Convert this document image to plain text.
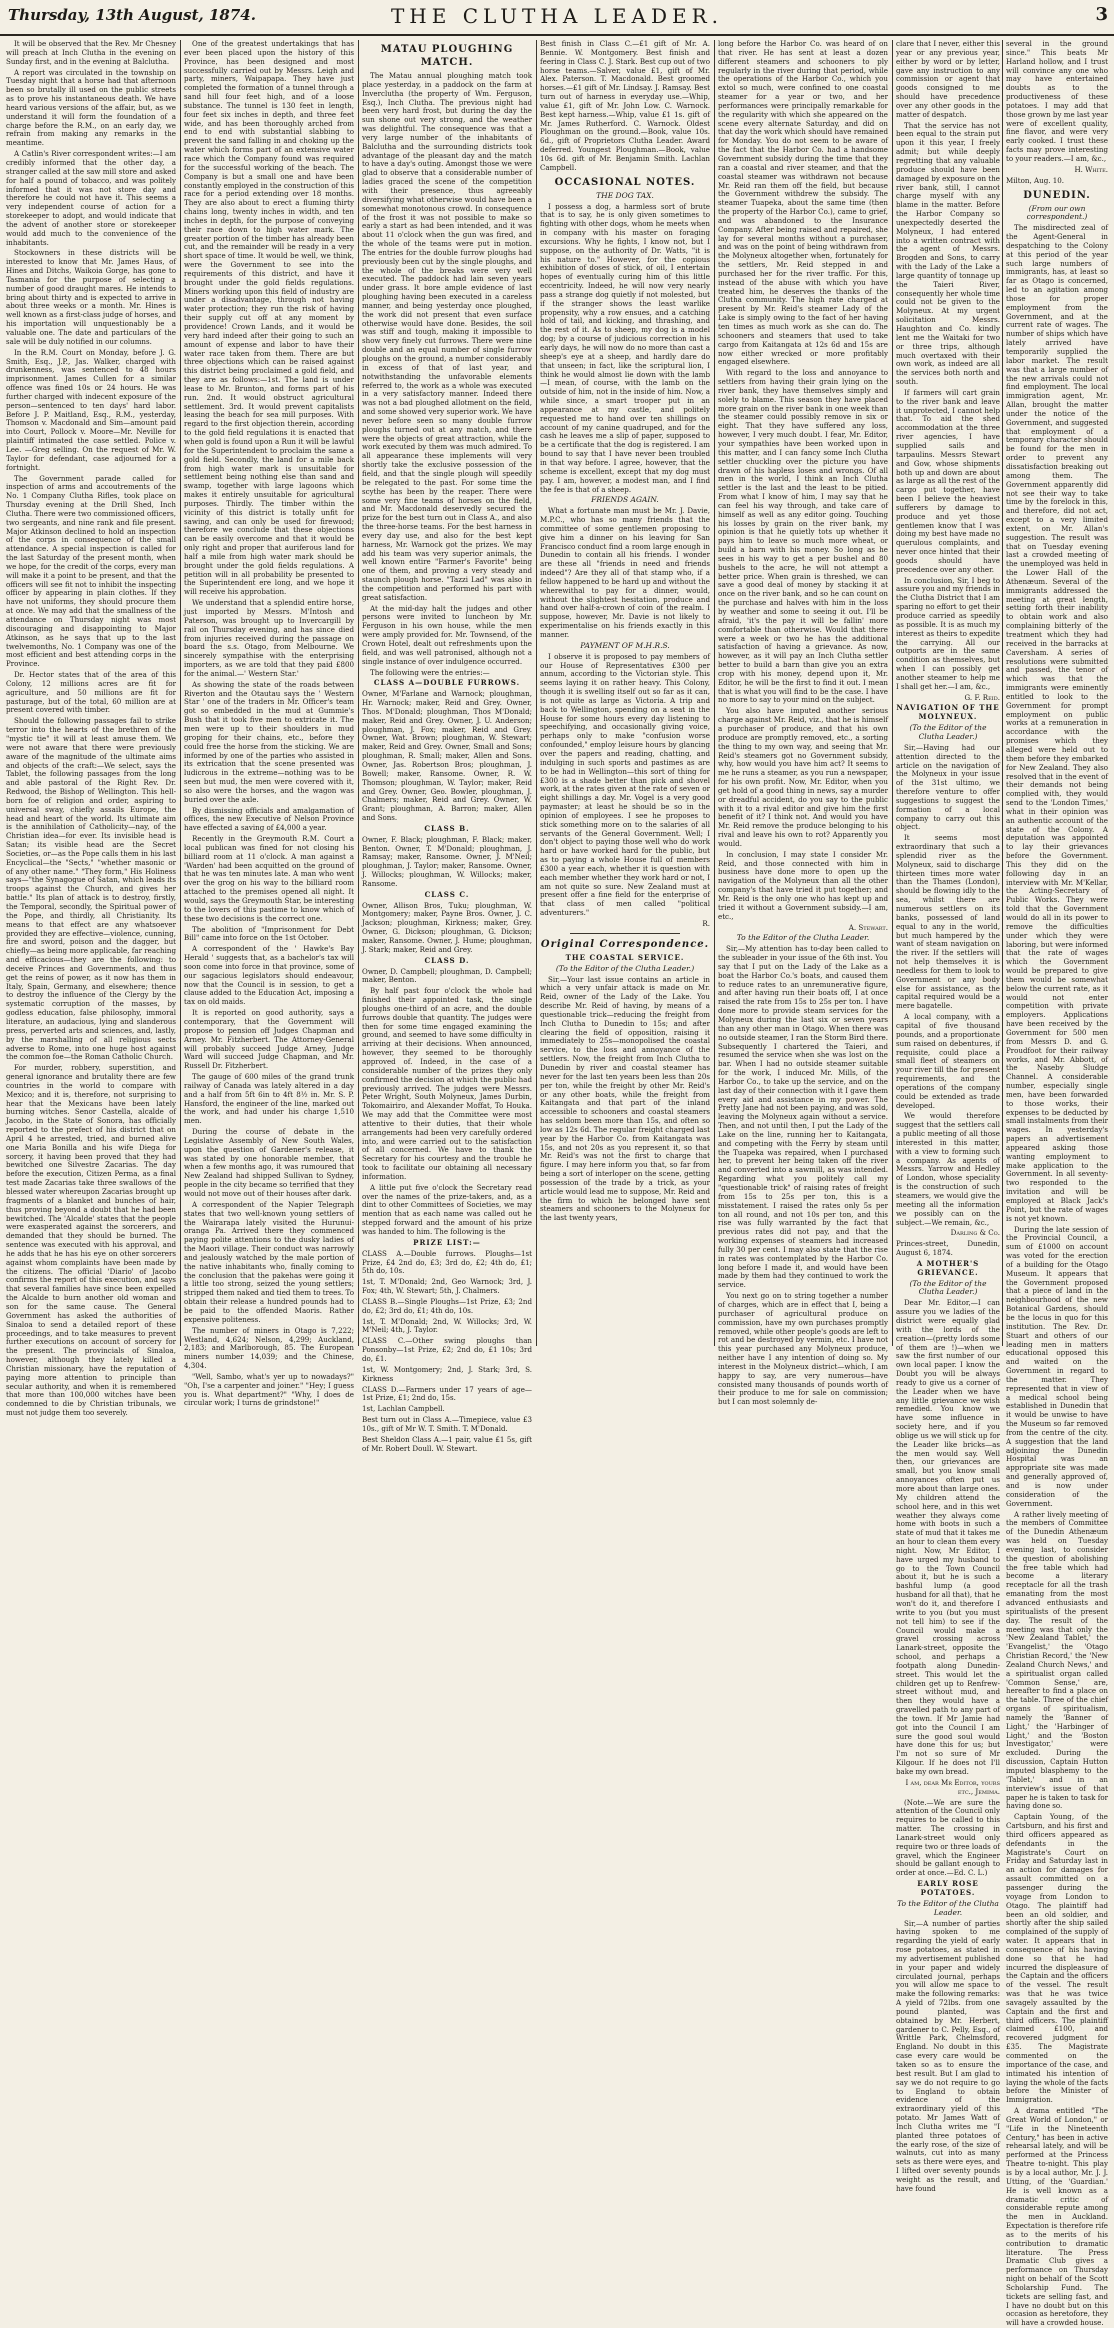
Thursday, 13th August, 1874.	THE CLUTHA LEADER.	3

It will be observed that the Rev. Mr Chesney will preach at Inch Clutha in the evening on Sunday first, and in the evening at Balclutha.

A report was circulated in the township on Tuesday night that a horse had that afternoon been so brutally ill used on the public streets as to prove his instantaneous death. We have heard various versions of the affair, but, as we understand it will form the foundation of a charge before the R.M., on an early day, we refrain from making any remarks in the meantime.

A Catlin's River correspondent writes:—I am credibly informed that the other day, a stranger called at the saw mill store and asked for half a pound of tobacco, and was politely informed that it was not store day and therefore he could not have it. This seems a very independent course of action for a storekeeper to adopt, and would indicate that the advent of another store or storekeeper would add much to the convenience of the inhabitants.

Stockowners in these districts will be interested to know that Mr. James Haus, of Hines and Ditchs, Waikoia Gorge, has gone to Tasmania for the purpose of selecting a number of good draught mares. He intends to bring about thirty and is expected to arrive in about three weeks or a month. Mr. Hines is well known as a first-class judge of horses, and his importation will unquestionably be a valuable one. The date and particulars of the sale will be duly notified in our columns.

In the R.M. Court on Monday, before J. G. Smith, Esq., J.P., Jas. Walker, charged with drunkenness, was sentenced to 48 hours imprisonment. James Cullen for a similar offence was fined 10s or 24 hours. He was further charged with indecent exposure of the person—sentenced to ten days' hard labor. Before J. P. Maitland, Esq., R.M., yesterday, Thomson v. Macdonald and Sim—amount paid into Court, Pollock v. Moore—Mr. Neville for plaintiff intimated the case settled. Police v. Lee. —Greg selling. On the request of Mr. W. Taylor for defendant, case adjourned for a fortnight.

The Government parade called for inspection of arms and accoutrements of the No. 1 Company Clutha Rifles, took place on Thursday evening at the Drill Shed, Inch Clutha. There were two commissioned officers, two sergeants, and nine rank and file present. Major Atkinson declined to hold an inspection of the corps in consequence of the small attendance. A special inspection is called for the last Saturday of the present month, when we hope, for the credit of the corps, every man will make it a point to be present, and that the officers will see fit not to inhibit the inspecting officer by appearing in plain clothes. If they have not uniforms, they should procure them at once. We may add that the smallness of the attendance on Thursday night was most discouraging and disappointing to Major Atkinson, as he says that up to the last twelvemonths, No. 1 Company was one of the most efficient and best attending corps in the Province.

Dr. Hector states that of the area of this Colony, 12 millions acres are fit for agriculture, and 50 millions are fit for pasturage, but of the total, 60 million are at present covered with timber.

Should the following passages fail to strike terror into the hearts of the brethren of the "mystic tie" it will at least amuse them. We were not aware that there were previously aware of the magnitude of the ultimate aims and objects of the craft:—We select, says the Tablet, the following passages from the long and able pastoral of the Right Rev. Dr. Redwood, the Bishop of Wellington. This hell-born foe of religion and order, aspiring to universal sway, chiefly assails Europe, the head and heart of the world. Its ultimate aim is the annihilation of Catholicity—nay, of the Christian idea—for ever. Its invisible head is Satan; its visible head are the Secret Societies, or—as the Pope calls them in his last Encyclical—the "Sects," "whether masonic or of any other name." "They form," His Holiness says—"the Synagogue of Satan, which leads its troops against the Church, and gives her battle." Its plan of attack is to destroy, firstly, the Temporal, secondly, the Spiritual power of the Pope, and thirdly, all Christianity. Its means to that effect are any whatsoever provided they are effective—violence, cunning, fire and sword, poison and the dagger, but chiefly—as being more applicable, far reaching and efficacious—they are the following: to deceive Princes and Governments, and thus get the reins of power, as it now has them in Italy, Spain, Germany, and elsewhere; thence to destroy the influence of the Clergy by the systematic corruption of the masses, by godless education, false philosophy, immoral literature, an audacious, lying and slanderous press, perverted arts and sciences, and, lastly, by the marshalling of all religious sects adverse to Rome, into one huge host against the common foe—the Roman Catholic Church.

For murder, robbery, superstition, and general ignorance and brutality there are few countries in the world to compare with Mexico; and it is, therefore, not surprising to hear that the Mexicans have been lately burning witches. Senor Castella, alcalde of Jacobo, in the State of Sonora, has officially reported to the prefect of his district that on April 4 he arrested, tried, and burned alive one Maria Bonilla and his wife Diega for sorcery, it having been proved that they had bewitched one Silvestre Zacarias. The day before the execution, Citizen Perma, as a final test made Zacarias take three swallows of the blessed water whereupon Zacarias brought up fragments of a blanket and bunches of hair, thus proving beyond a doubt that he had been bewitched. The 'Alcalde' states that the people were exasperated against the sorcerers, and demanded that they should be burned. The sentence was executed with his approval, and he adds that he has his eye on other sorcerers against whom complaints have been made by the citizens. The official 'Diario' of Jacobo confirms the report of this execution, and says that several families have since been expelled the Alcalde to burn another old woman and son for the same cause. The General Government has asked the authorities of Sinaloa to send a detailed report of these proceedings, and to take measures to prevent further executions on account of sorcery for the present. The provincials of Sinaloa, however, although they lately killed a Christian missionary, have the reputation of paying more attention to principle than secular authority, and when it is remembered that more than 100,000 witches have been condemned to die by Christian tribunals, we must not judge them too severely.

One of the greatest undertakings that has ever been placed upon the history of this Province, has been designed and most successfully carried out by Messrs. Leigh and party, miners, Waipapapa. They have just completed the formation of a tunnel through a sand hill four feet high, and of a loose substance. The tunnel is 130 feet in length, four feet six inches in depth, and three feet wide, and has been thoroughly arched from end to end with substantial slabbing to prevent the sand falling in and choking up the water which forms part of an extensive water race which the Company found was required for the successful working of the beach. The Company is but a small one and have been constantly employed in the construction of this race for a period extending over 18 months. They are also about to erect a fluming thirty chains long, twenty inches in width, and ten inches in depth, for the purpose of conveying their race down to high water mark. The greater portion of the timber has already been cut, and the remainder will be ready in a very short space of time. It would be well, we think, were the Government to see into the requirements of this district, and have it brought under the gold fields regulations. Miners working upon this field of industry are under a disadvantage, through not having water protection; they run the risk of having their supply cut off at any moment by providence! Crown Lands, and it would be very hard indeed after their going to such an amount of expense and labor to have their water race taken from them. There are but three objections which can be raised against this district being proclaimed a gold field, and they are as follows:—1st. The land is under lease to Mr. Brunton, and forms part of his run. 2nd. It would obstruct agricultural settlement. 3rd. It would prevent capitalists leasing the beach for sea mill purposes. With regard to the first objection therein, according to the gold field regulations it is enacted that when gold is found upon a Run it will be lawful for the Superintendent to proclaim the same a gold field. Secondly, the land for a mile back from high water mark is unsuitable for settlement being nothing else than sand and swamp, together with large lagoons which makes it entirely unsuitable for agricultural purposes. Thirdly. The timber within the vicinity of this district is totally unfit for sawing, and can only be used for firewood; therefore we conclude that these objections can be easily overcome and that it would be only right and proper that auriferous land for half a mile from high water mark should be brought under the gold fields regulations. A petition will in all probability be presented to the Superintendent ere long, and we hope it will receive his approbation.

We understand that a splendid entire horse, just imported by Messrs. M'Intosh and Paterson, was brought up to Invercargill by rail on Thursday evening, and has since died from injuries received during the passage on board the s.s. Otago, from Melbourne. We sincerely sympathise with the enterprising importers, as we are told that they paid £800 for the animal.—' Western Star.'

As showing the state of the roads between Riverton and the Otautau says the ' Western Star ' one of the traders in Mr. Officer's team got so embedded in the mud at Gummie's Bush that it took five men to extricate it. The men were up to their shoulders in mud groping for their chains, etc., before they could free the horse from the sticking. We are informed by one of the parties who assisted in its extrication that the scene presented was ludicrous in the extreme—nothing was to be seen but mud, the men were covered with it, so also were the horses, and the wagon was buried over the axle.

By dismissing officials and amalgamation of offices, the new Executive of Nelson Province have effected a saving of £4,000 a year.

Recently in the Greymouth R.M. Court a local publican was fined for not closing his billiard room at 11 o'clock. A man against a 'Warden' had been acquitted on the ground of that he was ten minutes late. A man who went over the grog on his way to the billiard room attached to the premises opened all night. It would, says the Greymouth Star, be interesting to the lovers of this pastime to know which of these two decisions is the correct one.

The abolition of "Imprisonment for Debt Bill" came into force on the 1st October.

A correspondent of the ' Hawke's Bay Herald ' suggests that, as a bachelor's tax will soon come into force in that province, some of our sagacious legislators should endeavour, now that the Council is in session, to get a clause added to the Education Act, imposing a tax on old maids.

It is reported on good authority, says a contemporary, that the Government will propose to pension off Judges Chapman and Arney. Mr. Fitzherbert. The Attorney-General will probably succeed Judge Arney, Judge Ward will succeed Judge Chapman, and Mr. Russell Dr. Fitzherbert.

The gauge of 600 miles of the grand trunk railway of Canada was lately altered in a day and a half from 5ft 6in to 4ft 8½ in. Mr. S. P. Hansford, the engineer of the line, marked out the work, and had under his charge 1,510 men.

During the course of debate in the Legislative Assembly of New South Wales, upon the question of Gardener's release, it was stated by one honorable member, that when a few months ago, it was rumoured that New Zealand had shipped Sullivan to Sydney, people in the city became so terrified that they would not move out of their houses after dark.

A correspondent of the Napier Telegraph states that two well-known young settlers of the Wairarapa lately visited the Hurunui-oranga Pa. Arrived there they commenced paying polite attentions to the dusky ladies of the Maori village. Their conduct was narrowly and jealously watched by the male portion of the native inhabitants who, finally coming to the conclusion that the pakehas were going it a little too strong, seized the young settlers; stripped them naked and tied them to trees. To obtain their release a hundred pounds had to be paid to the offended Maoris. Rather expensive politeness.

The number of miners in Otago is 7,222; Westland, 4,624; Nelson, 4,299; Auckland, 2,183; and Marlborough, 85. The European miners number 14,039; and the Chinese, 4,304.

"Well, Sambo, what's yer up to nowadays?" "Oh, I'se a carpenter and joiner." "Hey; I guess you is. What department?" "Why, I does de circular work; I turns de grindstone!"

MATAU PLOUGHING MATCH.

The Matau annual ploughing match took place yesterday, in a paddock on the farm at Inverclutha (the property of Wm. Ferguson, Esq.), Inch Clutha. The previous night had been very hard frost, but during the day the sun shone out very strong, and the weather was delightful. The consequence was that a very large number of the inhabitants of Balclutha and the surrounding districts took advantage of the pleasant day and the match to have a day's outing. Amongst those we were glad to observe that a considerable number of ladies graced the scene of the competition with their presence, thus agreeably diversifying what otherwise would have been a somewhat monotonous crowd. In consequence of the frost it was not possible to make so early a start as had been intended, and it was about 11 o'clock when the gun was fired, and the whole of the teams were put in motion. The entries for the double furrow ploughs had previously been cut by the single ploughs, and the whole of the breaks were very well executed. The paddock had lain seven years under grass. It bore ample evidence of last ploughing having been executed in a careless manner, and being yesterday once ploughed, the work did not present that even surface otherwise would have done. Besides, the soil was stiff and tough, making it impossible to show very finely cut furrows. There were nine double and an equal number of single furrow ploughs on the ground, a number considerably in excess of that of last year, and notwithstanding the unfavorable elements referred to, the work as a whole was executed in a very satisfactory manner. Indeed there was not a bad ploughed allotment on the field, and some showed very superior work. We have never before seen so many double furrow ploughs turned out at any match, and there were the objects of great attraction, while the work executed by them was much admired. To all appearance these implements will very shortly take the exclusive possession of the field, and that the single plough will speedily be relegated to the past. For some time the scythe has been by the reaper. There were some very fine teams of horses on the field, and Mr. Macdonald deservedly secured the prize for the best turn out in Class A., and also the three-horse teams. For the best harness in every day use, and also for the best kept harness, Mr. Warnock got the prizes. We may add his team was very superior animals, the well known entire "Farmer's Favorite" being one of them, and proving a very steady and staunch plough horse. "Tazzi Lad" was also in the competition and performed his part with great satisfaction.

At the mid-day halt the judges and other persons were invited to luncheon by Mr. Ferguson in his own house, while the men were amply provided for. Mr. Townsend, of the Crown Hotel, dealt out refreshments upon the field, and was well patronised, although not a single instance of over indulgence occurred.

The following were the entries:—

CLASS A—DOUBLE FURROWS.

Owner, M'Farlane and Warnock; ploughman, Hr. Warnock; maker, Reid and Grey. Owner, Thos. M'Donald; ploughman, Thos M'Donald; maker, Reid and Grey. Owner, J. U. Anderson; ploughman, J. Fox; maker, Reid and Grey. Owner, Wat. Brown; ploughman, W. Stewart; maker, Reid and Grey. Owner, Small and Sons; ploughman, R. Small; maker, Allen and Sons. Owner, Jas. Robertson Bros; ploughman, J. Bowell; maker, Ransome. Owner, R. W. Thomson; ploughman, W. Taylor; maker, Reid and Grey. Owner, Geo. Bowler, ploughman, J. Chalmers; maker, Reid and Grey. Owner, W. Grant; ploughman, A. Barron; maker, Allen and Sons.

CLASS B.

Owner, F. Black; ploughman, F. Black; maker, Benton. Owner, T. M'Donald; ploughman, J. Ramsay; maker, Ransome. Owner, J. M'Neil; ploughman, J. Taylor; maker, Ransome. Owner, J. Willocks; ploughman, W. Willocks; maker, Ransome.

CLASS C.

Owner, Allison Bros, Tuku; ploughman, W. Montgomery; maker, Payne Bros. Owner, J. C. Jackson; ploughman, Kirkness; maker, Grey. Owner, G. Dickson; ploughman, G. Dickson; maker, Ransome. Owner, J. Hume; ploughman, J. Stark; maker, Reid and Grey.

CLASS D.

Owner, D. Campbell; ploughman, D. Campbell; maker, Benton.

By half past four o'clock the whole had finished their appointed task, the single ploughs one-third of an acre, and the double furrows double that quantity. The judges were then for some time engaged examining the ground, and seemed to have some difficulty in arriving at their decisions. When announced, however, they seemed to be thoroughly approved of. Indeed, in the case of a considerable number of the prizes they only confirmed the decision at which the public had previously arrived. The judges were Messrs. Peter Wright, South Molyneux, James Durbin, Tokomairiro, and Alexander Moffat, To Houka. We may add that the Committee were most attentive to their duties, that their whole arrangements had been very carefully ordered into, and were carried out to the satisfaction of all concerned. We have to thank the Secretary for his courtesy and the trouble he took to facilitate our obtaining all necessary information.

A little put five o'clock the Secretary read over the names of the prize-takers, and, as a dint to other Committees of Societies, we may mention that as each name was called out he stepped forward and the amount of his prize was handed to him. The following is the

PRIZE LIST:—

CLASS A.—Double furrows. Ploughs—1st Prize, £4 2nd do, £3; 3rd do, £2; 4th do, £1; 5th do, 10s.

1st, T. M'Donald; 2nd, Geo Warnock; 3rd, J. Fox; 4th, W. Stewart; 5th, J. Chalmers.

CLASS B.—Single Ploughs—1st Prize, £3; 2nd do, £2; 3rd do, £1; 4th do, 10s.

1st, T. M'Donald; 2nd, W. Willocks; 3rd, W. M'Neil; 4th, J. Taylor.

CLASS C.—Other swing ploughs than Ponsonby—1st Prize, £2; 2nd do, £1 10s; 3rd do, £1.

1st, W. Montgomery; 2nd, J. Stark; 3rd, S. Kirkness

CLASS D.—Farmers under 17 years of age—1st Prize, £1; 2nd do, 15s.

1st, Lachlan Campbell.

Best turn out in Class A.—Timepiece, value £3 10s., gift of Mr W. T. Smith. T. M'Donald.

Best Sheldon Class A.—1 pair, value £1 5s, gift of Mr. Robert Doull. W. Stewart.

Best finish in Class C.—£1 gift of Mr. A. Bennie. W. Montgomery. Best finish and feering in Class C. J. Stark. Best cup out of two horse teams.—Salver, value £1, gift of Mr. Alex. Paterson. T. Macdonald. Best groomed horses.—£1 gift of Mr. Lindsay. J. Ramsay. Best turn out of harness in everyday use.—Whip, value £1, gift of Mr. John Low. C. Warnock. Best kept harness.—Whip, value £1 1s. gift of Mr. James Rutherford. C. Warnock. Oldest Ploughman on the ground.—Book, value 10s. 6d., gift of Proprietors Clutha Leader. Award deferred. Youngest Ploughman.—Book, value 10s 6d. gift of Mr. Benjamin Smith. Lachlan Campbell.

OCCASIONAL NOTES.

THE DOG TAX.

I possess a dog, a harmless sort of brute that is to say, he is only given sometimes to fighting with other dogs, whom he meets when in company with his master on foraging excursions. Why he fights, I know not, but I suppose, on the authority of Dr. Watts, "it is his nature to." However, for the copious exhibition of doses of stick, of oil, I entertain hopes of eventually curing him of this little eccentricity. Indeed, he will now very nearly pass a strange dog quietly if not molested, but if the stranger shows the least warlike propensity, why a row ensues, and a catching hold of tail, and kicking, and thrashing, and the rest of it. As to sheep, my dog is a model dog; by a course of judicious correction in his early days, he will now do no more than cast a sheep's eye at a sheep, and hardly dare do that unseen; in fact, like the scriptural lion, I think he would almost lie down with the lamb—I mean, of course, with the lamb on the outside of him, not in the inside of him. Now, a while since, a smart trooper put in an appearance at my castle, and politely requested me to hand over ten shillings on account of my canine quadruped, and for the cash he leaves me a slip of paper, supposed to be a certificate that the dog is registered. I am bound to say that I have never been troubled in that way before. I agree, however, that the scheme is excellent, except that my dog must pay. I am, however, a modest man, and I find the fee is that of a sheep.

FRIENDS AGAIN.

What a fortunate man must be Mr. J. Davie, M.P.C., who has so many friends that the committee of some gentlemen proposing to give him a dinner on his leaving for San Francisco conduct find a room large enough in Dunedin to contain all his friends. I wonder are these all "friends in need and friends indeed"? Are they all of that stamp who, if a fellow happened to be hard up and without the wherewithal to pay for a dinner, would, without the slightest hesitation, produce and hand over half-a-crown of coin of the realm. I suppose, however, Mr. Davie is not likely to experimentalise on his friends exactly in this manner.

PAYMENT OF M.H.R.S.

I observe it is proposed to pay members of our House of Representatives £300 per annum, according to the Victorian style. This seems laying it on rather heavy. This Colony, though it is swelling itself out so far as it can, is not quite as large as Victoria. A trip and back to Wellington, spending on a seat in the House for some hours every day listening to speechifying, and occasionally giving voice, perhaps only to make "confusion worse confounded," employ leisure hours by glancing over the papers and reading, chatting, and indulging in such sports and pastimes as are to be had in Wellington—this sort of thing for £300 is a shade better than pick and shovel work, at the rates given at the rate of seven or eight shillings a day. Mr. Vogel is a very good paymaster; at least he should be so in the opinion of employees. I see he proposes to stick something more on to the salaries of all servants of the General Government. Well; I don't object to paying those well who do work hard or have worked hard for the public, but as to paying a whole House full of members £300 a year each, whether it is question with each member whether they work hard or not, I am not quite so sure. New Zealand must at present offer a fine field for the enterprise of that class of men called "political adventurers."

R.

Original Correspondence.

THE COASTAL SERVICE.

(To the Editor of the Clutha Leader.)

Sir,—Your last issue contains an article in which a very unfair attack is made on Mr. Reid, owner of the Lady of the Lake. You describe Mr. Reid of having, by means of a questionable trick—reducing the freight from Inch Clutha to Dunedin to 15s; and after clearing the field of opposition, raising it immediately to 25s—monopolised the coastal service, to the loss and annoyance of the settlers. Now, the freight from Inch Clutha to Dunedin by river and coastal steamer has never for the last ten years been less than 20s per ton, while the freight by other Mr. Reid's or any other boats, while the freight from Kaitangata and that part of the inland accessible to schooners and coastal steamers has seldom been more than 15s, and often so low as 12s 6d. The regular freight charged last year by the Harbor Co. from Kaitangata was 15s, and not 20s as you represent it, so that Mr. Reid's was not the first to charge that figure. I may here inform you that, so far from being a sort of interloper on the scene, getting possession of the trade by a trick, as your article would lead me to suppose, Mr. Reid and the firm to which he belonged have sent steamers and schooners to the Molyneux for the last twenty years,

long before the Harbor Co. was heard of on that river. He has sent at least a dozen different steamers and schooners to ply regularly in the river during that period, while the operations of the Harbor Co., which you extol so much, were confined to one coastal steamer for a year or two, and her performances were principally remarkable for the regularity with which she appeared on the scene every alternate Saturday, and did on that day the work which should have remained for Monday. You do not seem to be aware of the fact that the Harbor Co. had a handsome Government subsidy during the time that they ran a coastal and river steamer, and that the coastal steamer was withdrawn not because Mr. Reid ran them off the field, but because the Government withdrew the subsidy. The steamer Tuapeka, about the same time (then the property of the Harbor Co.), came to grief, and was abandoned to the Insurance Company. After being raised and repaired, she lay for several months without a purchaser, and was on the point of being withdrawn from the Molyneux altogether when, fortunately for the settlers, Mr. Reid stepped in and purchased her for the river traffic. For this, instead of the abuse with which you have treated him, he deserves the thanks of the Clutha community. The high rate charged at present by Mr. Reid's steamer Lady of the Lake is simply owing to the fact of her having ten times as much work as she can do. The schooners and steamers that used to take cargo from Kaitangata at 12s 6d and 15s are now either wrecked or more profitably engaged elsewhere.

With regard to the loss and annoyance to settlers from having their grain lying on the river bank, they have themselves simply and solely to blame. This season they have placed more grain on the river bank in one week than the steamer could possibly remove in six or eight. That they have suffered any loss, however, I very much doubt. I fear, Mr. Editor, your sympathies have been worked upon in this matter, and I can fancy some Inch Clutha settler chuckling over the picture you have drawn of his hapless loses and wrongs. Of all men in the world, I think an Inch Clutha settler is the last and the least to be pitied. From what I know of him, I may say that he can feel his way through, and take care of himself as well as any editor going. Touching his losses by grain on the river bank, my opinion is that he quietly tots up whether it pays him to leave so much more wheat, or build a barn with his money. So long as he sees in his way to get a per bushel and 80 bushels to the acre, he will not attempt a better price. When grain is threshed, we can save a good deal of money by stacking it at once on the river bank, and so he can count on the purchase and halves with him in the loss by weather and some to seeing it out. I'll be afraid, 'it's the pay it will be fallin' more comfortable than otherwise. Would that there were a week or two he has the additional satisfaction of having a grievance. As now, however, as it will pay an Inch Clutha settler better to build a barn than give you an extra crop with his money, depend upon it, Mr. Editor, he will be the first to find it out. I mean that is what you will find to be the case. I have no more to say to your mind on the subject.

You also have imputed another serious charge against Mr. Reid, viz., that he is himself a purchaser of produce, and that his own produce are promptly removed, etc., a sorting the thing to my own way, and seeing that Mr. Reid's steamers got no Government subsidy, why, how would you have him act? It seems to me he runs a steamer, as you run a newspaper, for his own profit. Now, Mr. Editor, when you get hold of a good thing in news, say a murder or dreadful accident, do you say to the public with it to a rival editor and give him the first benefit of it? I think not. And would you have Mr. Reid remove the produce belonging to his rival and leave his own to rot? Apparently you would.

In conclusion, I may state I consider Mr. Reid, and those connected with him in business have done more to open up the navigation of the Molyneux than all the other company's that have tried it put together; and Mr. Reid is the only one who has kept up and tried it without a Government subsidy.—I am, etc.,

A. Stewart.

To the Editor of the Clutha Leader.

Sir,—My attention has to-day been called to the subleader in your issue of the 6th inst. You say that I put on the Lady of the Lake as a boat the Harbor Co.'s boats, and caused them to reduce rates to an unremunerative figure, and after having run their boats off, I at once raised the rate from 15s to 25s per ton. I have done more to provide steam services for the Molyneux during the last six or seven years than any other man in Otago. When there was no outside steamer, I ran the Storm Bird there. Subsequently I chartered the Taieri, and resumed the service when she was lost on the bar. When I had no outside steamer suitable for the work, I induced Mr. Mills, of the Harbor Co., to take up the service, and on the last day of their connection with it I gave them every aid and assistance in my power. The Pretty Jane had not been paying, and was sold, leaving the Molyneux again without a service. Then, and not until then, I put the Lady of the Lake on the line, running her to Kaitangata, and competing with the Ferry by steam until the Tuapeka was repaired, when I purchased her, to prevent her being taken off the river and converted into a sawmill, as was intended. Regarding what you politely call my "questionable trick" of raising rates of freight from 15s to 25s per ton, this is a misstatement. I raised the rates only 5s per ton all round, and not 10s per ton, and this rise was fully warranted by the fact that previous rates did not pay, and that the working expenses of steamers had increased fully 30 per cent. I may also state that the rise in rates was contemplated by the Harbor Co. long before I made it, and would have been made by them had they continued to work the service.

You next go on to string together a number of charges, which are in effect that I, being a purchaser of agricultural produce on commission, have my own purchases promptly removed, while other people's goods are left to rot and be destroyed by vermin, etc. I have not this year purchased any Molyneux produce, neither have I any intention of doing so. My interest in the Molyneux district—which, I am happy to say, are very numerous—have consisted many thousands of pounds worth of their produce to me for sale on commission; but I can most solemnly de-

clare that I never, either this year or any previous year, either by word or by letter, gave any instruction to any commission or agent that goods consigned to me should have precedence over any other goods in the matter of despatch.

That the service has not been equal to the strain put upon it this year, I freely admit; but while deeply regretting that any valuable produce should have been damaged by exposure on the river bank, still, I cannot charge myself with any blame in the matter. Before the Harbor Company so unexpectedly deserted the Molyneux, I had entered into a written contract with the agent of Messrs. Brogden and Sons, to carry with the Lady of the Lake a large quantity of tonnage up the Taieri River, consequently her whole time could not be given to the Molyneux. At my urgent solicitation Messrs. Haughton and Co. kindly lent me the Waitaki for two or three trips, although much overtaxed with their own work, as indeed are all the services both north and south.

If farmers will cart grain to the river bank and leave it unprotected, I cannot help that. To aid the shed accommodation at the three river agencies, I have supplied sails and tarpaulins. Messrs Stewart and Gow, whose shipments both up and down are about as large as all the rest of the cargo put together, have been I believe the heaviest sufferers by damage to produce and yet those gentlemen know that I was doing my best have made no querulous complaints, and never once hinted that their goods should have precedence over any other.

In conclusion, Sir, I beg to assure you and my friends in the Clutha District that I am sparing no effort to get their produce carried as speedily as possible. It is as much my interest as theirs to expedite the carrying. All our outports are in the same condition as themselves, but when I can possibly get another steamer to help me I shall get her.—I am, &c.,

G. F. Reid.

NAVIGATION OF THE MOLYNEUX.

(To the Editor of the Clutha Leader.)

Sir,—Having had our attention directed to the article on the navigation of the Molyneux in your issue of the 31st ultimo, we therefore venture to offer suggestions to suggest the formation of a local company to carry out this object.

It seems most extraordinary that such a splendid river as the Molyneux, said to discharge thirteen times more water than the Thames (London), should be flowing idly to the sea, whilst there are numerous settlers on its banks, possessed of land equal to any in the world, but much hampered by the want of steam navigation on the river. If the settlers will not help themselves it is needless for them to look to Government or any body else for assistance, as the capital required would be a mere bagatelle.

A local company, with a capital of five thousand pounds, and a proportionate sum raised on debentures, if requisite, could place a small fleet of steamers on your river till the for present requirements, and the operations of the company could be extended as trade developed.

We would therefore suggest that the settlers call a public meeting of all those interested in this matter, with a view to forming such a company. As agents of Messrs. Yarrow and Hedley of London, whose speciality is the construction of such steamers, we would give the meeting all the information we possibly can on the subject.—We remain, &c.,

Darling & Co.

Princes-street, Dunedin, August 6, 1874.

A MOTHER'S GRIEVANCE.

(To the Editor of the Clutha Leader.)

Dear Mr. Editor,—I can assure you we ladies of the district were equally glad with the lords of the creation—(pretty lords some of them are !)—when we saw the first number of our own local paper. I know the Doubt you will be always ready to give us a corner of the Leader when we have any little grievance we wish remedied. You know we have some influence in society here, and if you oblige us we will stick up for the Leader like bricks—as the men would say. Well then, our grievances are small, but you know small annoyances often put us more about than large ones. My children attend the school here, and in this wet weather they always come home with boots in such a state of mud that it takes me an hour to clean them every night. Now, Mr Editor, I have urged my husband to go to the Town Council about it, but he is such a bashful lump (a good husband for all that), that he won't do it, and therefore I write to you (but you must not tell him) to see if the Council would make a gravel crossing across Lanark-street, opposite the school, and perhaps a footpath along Dunedin-street. This would let the children get up to Renfrew-street without mud, and then they would have a gravelled path to any part of the town. If Mr Jamie had got into the Council I am sure the good soul would have done this for us; but I'm not so sure of Mr Kilgour. If he does not I'll bake my own bread.

I am, dear Mr Editor, yours etc., Jemima.

(Note.—We are sure the attention of the Council only requires to be called to this matter. The crossing in Lanark-street would only require two or three loads of gravel, which the Engineer should be gallant enough to order at once.—Ed. C. L.)

EARLY ROSE POTATOES.

To the Editor of the Clutha Leader.

Sir,—A number of parties having spoken to me regarding the yield of early rose potatoes, as stated in my advertisement published in your paper and widely circulated journal, perhaps you will allow me space to make the following remarks: A yield of 72lbs. from one pound planted, was obtained by Mr. Herbert, gardener to C. Pelly, Esq., of Writtle Park, Chelmsford, England. No doubt in this case every care would be taken so as to ensure the best result. But I am glad to say we do not require to go to England to obtain evidence of the extraordinary yield of this potato. Mr James Watt of Inch Clutha writes me "I planted three potatoes of the early rose, of the size of walnuts, cut into as many sets as there were eyes, and I lifted over seventy pounds weight as the result, and have found

several in the ground since." This beats Mr Harland hollow, and I trust will convince any one who may have entertained doubts as to the productiveness of these potatoes. I may add that those grown by me last year were of excellent quality, fine flavor, and were very early cooked. I trust these facts may prove interesting to your readers.—I am, &c.,

H. White.

Milton, Aug. 10.

DUNEDIN.

(From our own correspondent.)

The misdirected zeal of the Agent-General in despatching to the Colony at this period of the year such large numbers of immigrants, has, at least so far as Otago is concerned, led to an agitation among those for proper employment from the Government, and at the current rate of wages. The number of ships which have lately arrived have temporarily supplied the labor market. The result was that a large number of the new arrivals could not find employment. The local immigration agent, Mr. Allan, brought the matter under the notice of the Government, and suggested that employment of a temporary character should be found for the men in order to prevent any dissatisfaction breaking out among them. The Government apparently did not see their way to take time by the forelock in this, and therefore, did not act, except to a very limited extent, on Mr. Allan's suggestion. The result was that on Tuesday evening last a crowded meeting of the unemployed was held in the Lower Hall of the Athenæum. Several of the immigrants addressed the meeting at great length, setting forth their inability to obtain work and also complaining bitterly of the treatment which they had received in the barracks at Caversham. A series of resolutions were submitted and passed, the tenor of which was that the immigrants were eminently entitled to look to the Government for prompt employment on public works at a remuneration in accordance with the promises which they alleged were held out to them before they embarked for New Zealand. They also resolved that in the event of their demands not being complied with, they would send to the 'London Times,' what in their opinion was an authentic account of the state of the Colony. A deputation was appointed to lay their grievances before the Government. This they did on the following day in an interview with Mr. M'Kellar, the Acting-Secretary of Public Works. They were told that the Government would do all in its power to remove the difficulties under which they were laboring, but were informed that the rate of wages which the Government would be prepared to give them would be somewhat below the current rate, as it would not enter competition with private employers. Applications have been received by the Government for 500 men from Messrs D. and G. Proudfoot for their railway works, and Mr. Abbott, of the Naseby Sludge Channel. A considerable number, especially single men, have been forwarded to those works, their expenses to be deducted by small instalments from their wages. In yesterday's papers an advertisement appeared asking those wanting employment to make application to the Government. In all seventy-two responded to the invitation and will be employed at Black Jack's Point, but the rate of wages is not yet known.

During the late session of the Provincial Council, a sum of £1000 on account was voted for the erection of a building for the Otago Museum. It appears that the Government proposed that a piece of land in the neighbourhood of the new Botanical Gardens, should be the locus in quo for this institution. The Rev. Dr. Stuart and others of our leading men in matters educational opposed this and waited on the Government in regard to the matter. They represented that in view of a medical school being established in Dunedin that it would be unwise to have the Museum so far removed from the centre of the city. A suggestion that the land adjoining the Dunedin Hospital was an appropriate site was made and generally approved of, and is now under consideration of the Government.

A rather lively meeting of the members of Committee of the Dunedin Athenæum was held on Tuesday evening last, to consider the question of abolishing the free table which had become a literary receptacle for all the trash emanating from the most advanced enthusiasts and spiritualists of the present day. The result of the meeting was that only the 'New Zealand Tablet,' the 'Evangelist,' the 'Otago Christian Record,' the 'New Zealand Church News,' and a spiritualist organ called 'Common Sense,' are, hereafter to find a place on the table. Three of the chief organs of spiritualism, namely the 'Banner of Light,' the 'Harbinger of Light,' and the 'Boston Investigator,' were excluded. During the discussion, Captain Hutton imputed blasphemy to the 'Tablet,' and in an interview's issue of that paper he is taken to task for having done so.

Captain Young, of the Cartsburn, and his first and third officers appeared as defendants in the Magistrate's Court on Friday and Saturday last in an action for damages for assault committed on a passenger during the voyage from London to Otago. The plaintiff had been an old soldier, and shortly after the ship sailed complained of the supply of water. It appears that in consequence of his having done so that he had incurred the displeasure of the Captain and the officers of the vessel. The result was that he was twice savagely assaulted by the Captain and the first and third officers. The plaintiff claimed £100, and recovered judgment for £35. The Magistrate commented on the importance of the case, and intimated his intention of laying the whole of the facts before the Minister of Immigration.

A drama entitled "The Great World of London," or "Life in the Nineteenth Century," has been in active rehearsal lately, and will be performed at the Princess Theatre to-night. This play is by a local author, Mr. J. J. Utting, of the 'Guardian.' He is well known as a dramatic critic of considerable repute among the men in Auckland. Expectation is therefore rife as to the merits of his contribution to dramatic literature. The Press Dramatic Club gives a performance on Thursday night on behalf of the Scott Scholarship Fund. The tickets are selling fast, and I have no doubt but on this occasion as heretofore, they will have a crowded house.
